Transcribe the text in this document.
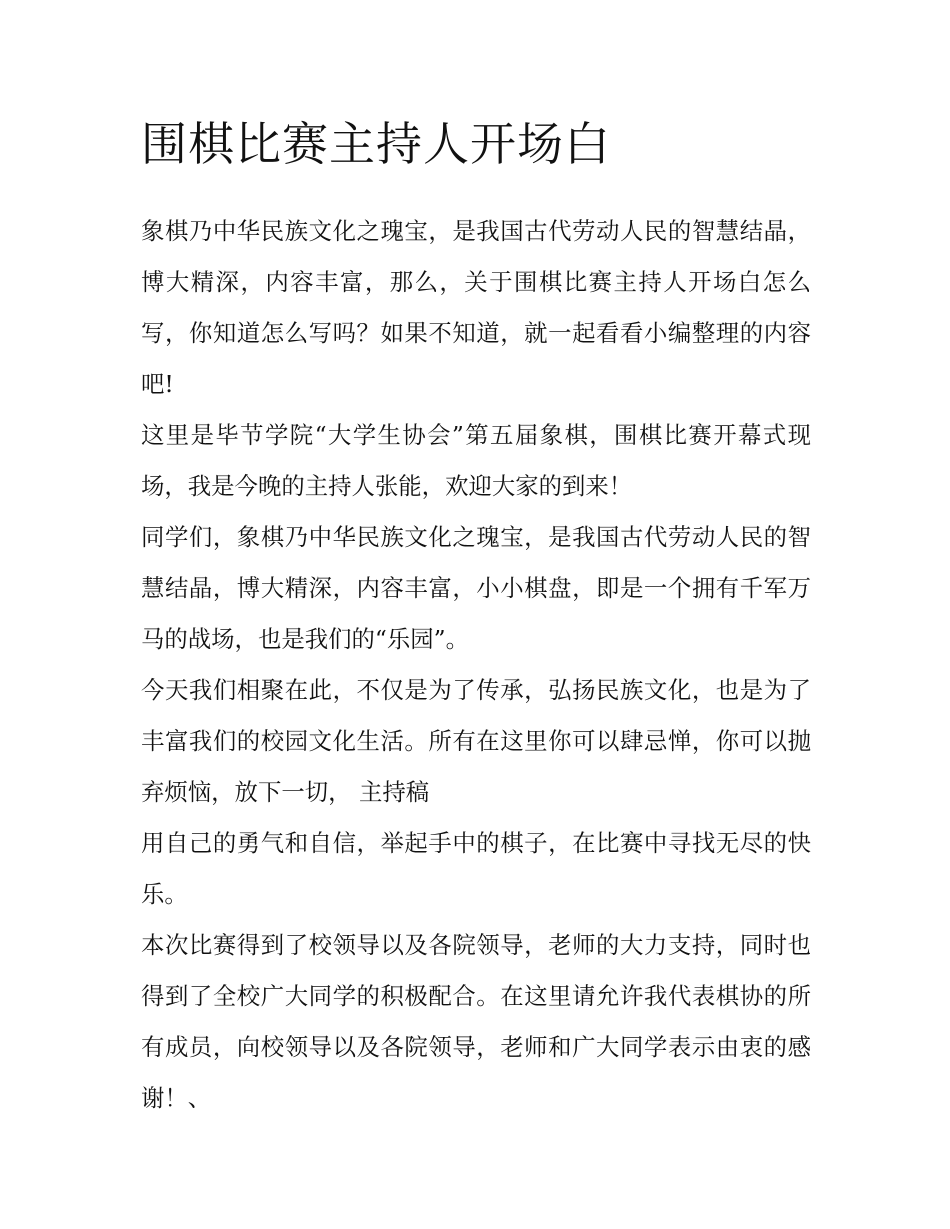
围棋比赛主持人开场白

象棋乃中华民族文化之瑰宝，是我国古代劳动人民的智慧结晶，博大精深，内容丰富，那么，关于围棋比赛主持人开场白怎么写，你知道怎么写吗？如果不知道，就一起看看小编整理的内容吧!

这里是毕节学院“大学生协会”第五届象棋，围棋比赛开幕式现场，我是今晚的主持人张能，欢迎大家的到来！

同学们，象棋乃中华民族文化之瑰宝，是我国古代劳动人民的智慧结晶，博大精深，内容丰富，小小棋盘，即是一个拥有千军万马的战场，也是我们的“乐园”。

今天我们相聚在此，不仅是为了传承，弘扬民族文化，也是为了丰富我们的校园文化生活。所有在这里你可以肆忌惮，你可以抛弃烦恼，放下一切， 主持稿

用自己的勇气和自信，举起手中的棋子，在比赛中寻找无尽的快乐。

本次比赛得到了校领导以及各院领导，老师的大力支持，同时也得到了全校广大同学的积极配合。在这里请允许我代表棋协的所有成员，向校领导以及各院领导，老师和广大同学表示由衷的感谢！、
